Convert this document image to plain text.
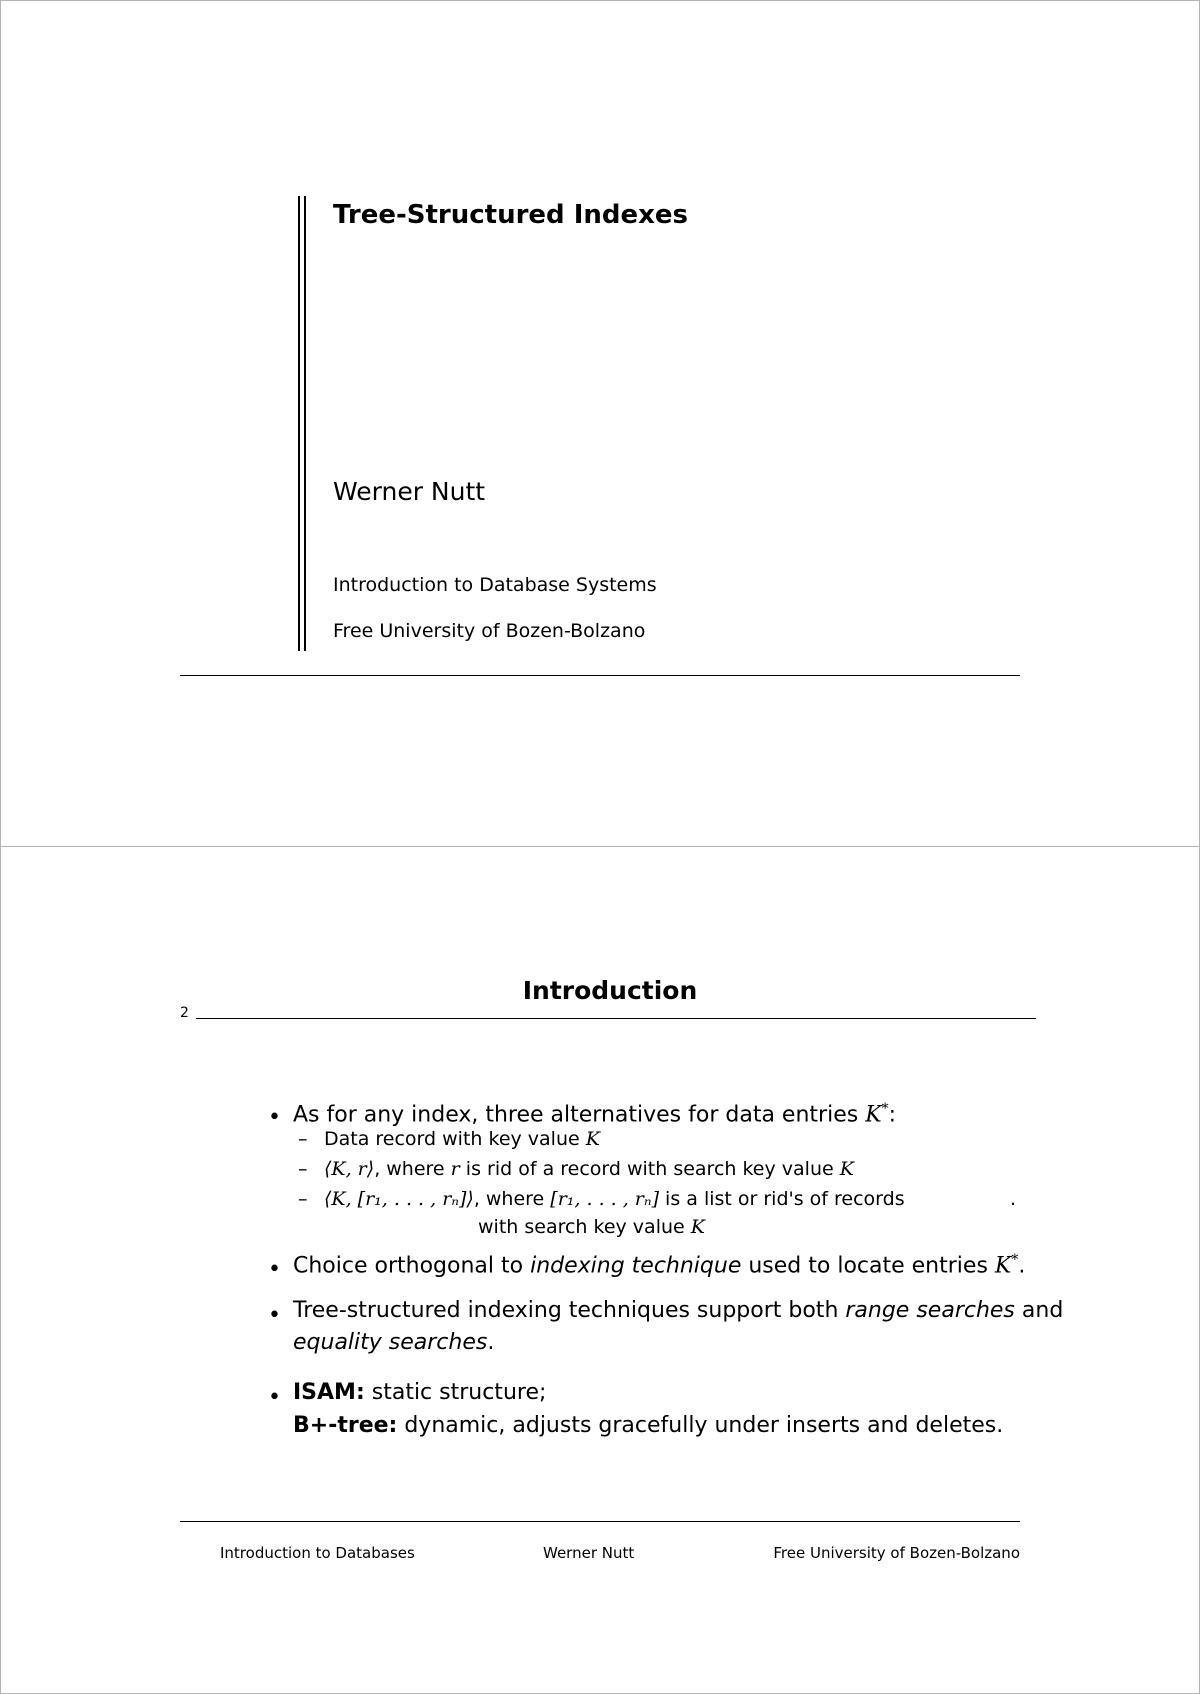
Tree-Structured Indexes
Werner Nutt
Introduction to Database Systems
Free University of Bozen-Bolzano
Introduction
2
• As for any index, three alternatives for data entries K*:
– Data record with key value K
– ⟨K, r⟩, where r is rid of a record with search key value K
– ⟨K, [r₁, . . . , rₙ]⟩, where [r₁, . . . , rₙ] is a list or rid's of records	.
with search key value K
• Choice orthogonal to indexing technique used to locate entries K*.
• Tree-structured indexing techniques support both range searches and
equality searches.
• ISAM: static structure;
B+-tree: dynamic, adjusts gracefully under inserts and deletes.
Introduction to Databases	Werner Nutt	Free University of Bozen-Bolzano
